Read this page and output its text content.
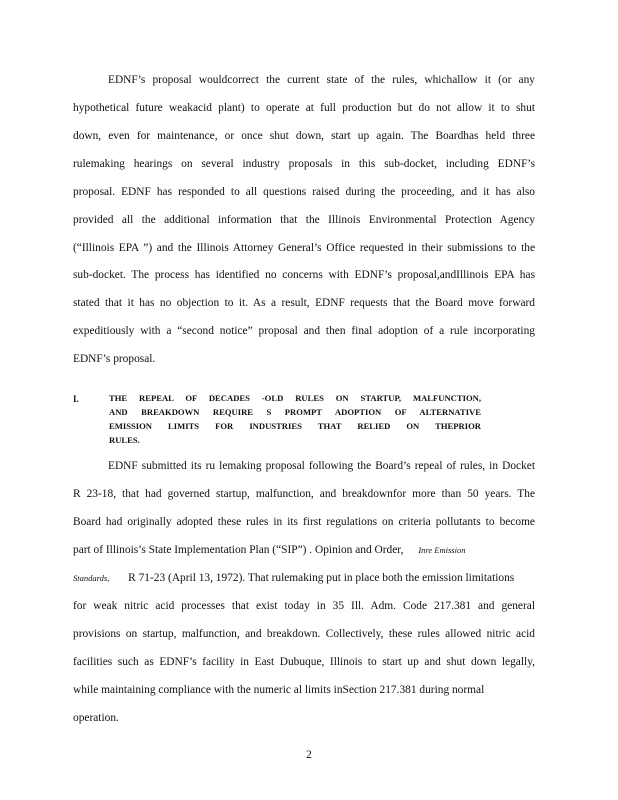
EDNF’s proposal wouldcorrect the current state of the rules, whichallow it (or any
hypothetical future weakacid plant) to operate at full production but do not allow it to shut
down, even for maintenance, or once shut down, start up again. The Boardhas held three
rulemaking hearings on several industry proposals in this sub-docket, including EDNF’s
proposal. EDNF has responded to all questions raised during the proceeding, and it has also
provided all the additional information that the Illinois Environmental Protection Agency
(“Illinois EPA ”) and the Illinois Attorney General’s Office requested in their submissions to the
sub-docket. The process has identified no concerns with EDNF’s proposal,andIllinois EPA has
stated that it has no objection to it. As a result, EDNF requests that the Board move forward
expeditiously with a “second notice” proposal and then final adoption of a rule incorporating
EDNF’s proposal.
I.	THE REPEAL OF DECADES -OLD RULES ON STARTUP, MALFUNCTION,
AND BREAKDOWN REQUIRE S PROMPT ADOPTION OF ALTERNATIVE
EMISSION LIMITS FOR INDUSTRIES THAT RELIED ON THEPRIOR
RULES.
EDNF submitted its ru lemaking proposal following the Board’s repeal of rules, in Docket
R 23-18, that had governed startup, malfunction, and breakdownfor more than 50 years. The
Board had originally adopted these rules in its first regulations on criteria pollutants to become
part of Illinois’s State Implementation Plan (“SIP”) . Opinion and Order, Inre Emission
Standards, R 71-23 (April 13, 1972). That rulemaking put in place both the emission limitations
for weak nitric acid processes that exist today in 35 Ill. Adm. Code 217.381 and general
provisions on startup, malfunction, and breakdown. Collectively, these rules allowed nitric acid
facilities such as EDNF’s facility in East Dubuque, Illinois to start up and shut down legally,
while maintaining compliance with the numeric al limits inSection 217.381 during normal
operation.
2
